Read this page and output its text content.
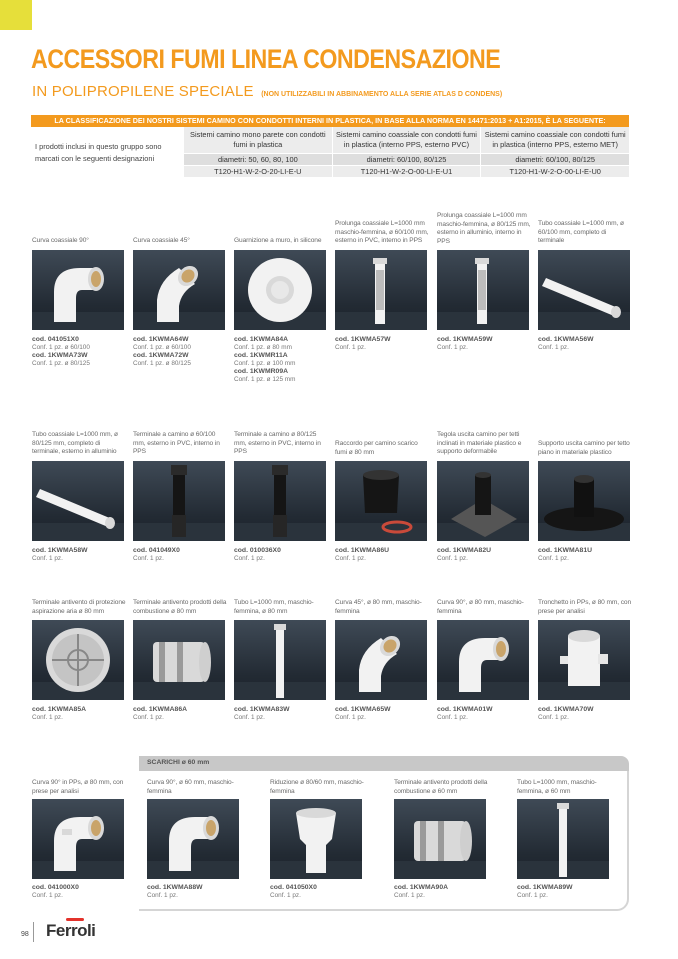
ACCESSORI FUMI LINEA CONDENSAZIONE
IN POLIPROPILENE SPECIALE (NON UTILIZZABILI IN ABBINAMENTO ALLA SERIE ATLAS D CONDENS)
LA CLASSIFICAZIONE DEI NOSTRI SISTEMI CAMINO CON CONDOTTI INTERNI IN PLASTICA, IN BASE ALLA NORMA EN 14471:2013 + A1:2015, È LA SEGUENTE:
I prodotti inclusi in questo gruppo sono marcati con le seguenti designazioni
Sistemi camino mono parete con condotti fumi in plastica
diametri: 50, 60, 80, 100
T120-H1-W-2-O-20-LI-E-U
Sistemi camino coassiale con condotti fumi in plastica (interno PPS, esterno PVC)
diametri: 60/100, 80/125
T120-H1-W-2-O-00-LI-E-U1
Sistemi camino coassiale con condotti fumi in plastica (interno PPS, esterno MET)
diametri: 60/100, 80/125
T120-H1-W-2-O-00-LI-E-U0
Curva coassiale 90°
cod. 041051X0
Conf. 1 pz. ø 60/100
cod. 1KWMA73W
Conf. 1 pz. ø 80/125
Curva coassiale 45°
cod. 1KWMA64W
Conf. 1 pz. ø 60/100
cod. 1KWMA72W
Conf. 1 pz. ø 80/125
Guarnizione a muro, in silicone
cod. 1KWMA84A
Conf. 1 pz. ø 80 mm
cod. 1KWMR11A
Conf. 1 pz. ø 100 mm
cod. 1KWMR09A
Conf. 1 pz. ø 125 mm
Prolunga coassiale L=1000 mm maschio-femmina, ø 60/100 mm, esterno in PVC, interno in PPS
cod. 1KWMA57W
Conf. 1 pz.
Prolunga coassiale L=1000 mm maschio-femmina, ø 80/125 mm, esterno in alluminio, interno in PPS
cod. 1KWMA59W
Conf. 1 pz.
Tubo coassiale L=1000 mm, ø 60/100 mm, completo di terminale
cod. 1KWMA56W
Conf. 1 pz.
Tubo coassiale L=1000 mm, ø 80/125 mm, completo di terminale, esterno in alluminio
cod. 1KWMA58W
Conf. 1 pz.
Terminale a camino ø 60/100 mm, esterno in PVC, interno in PPS
cod. 041049X0
Conf. 1 pz.
Terminale a camino ø 80/125 mm, esterno in PVC, interno in PPS
cod. 010036X0
Conf. 1 pz.
Raccordo per camino scarico fumi ø 80 mm
cod. 1KWMA86U
Conf. 1 pz.
Tegola uscita camino per tetti inclinati in materiale plastico e supporto deformabile
cod. 1KWMA82U
Conf. 1 pz.
Supporto uscita camino per tetto piano in materiale plastico
cod. 1KWMA81U
Conf. 1 pz.
Terminale antivento di protezione aspirazione aria ø 80 mm
cod. 1KWMA85A
Conf. 1 pz.
Terminale antivento prodotti della combustione ø 80 mm
cod. 1KWMA86A
Conf. 1 pz.
Tubo L=1000 mm, maschio-femmina, ø 80 mm
cod. 1KWMA83W
Conf. 1 pz.
Curva 45°, ø 80 mm, maschio-femmina
cod. 1KWMA65W
Conf. 1 pz.
Curva 90°, ø 80 mm, maschio-femmina
cod. 1KWMA01W
Conf. 1 pz.
Tronchetto in PPs, ø 80 mm, con prese per analisi
cod. 1KWMA70W
Conf. 1 pz.
Curva 90° in PPs, ø 80 mm, con prese per analisi
cod. 041000X0
Conf. 1 pz.
Curva 90°, ø 60 mm, maschio-femmina
cod. 1KWMA88W
Conf. 1 pz.
Riduzione ø 80/60 mm, maschio-femmina
cod. 041050X0
Conf. 1 pz.
Terminale antivento prodotti della combustione ø 60 mm
cod. 1KWMA90A
Conf. 1 pz.
Tubo L=1000 mm, maschio-femmina, ø 60 mm
cod. 1KWMA89W
Conf. 1 pz.
SCARICHI ø 60 mm
98 Ferroli
